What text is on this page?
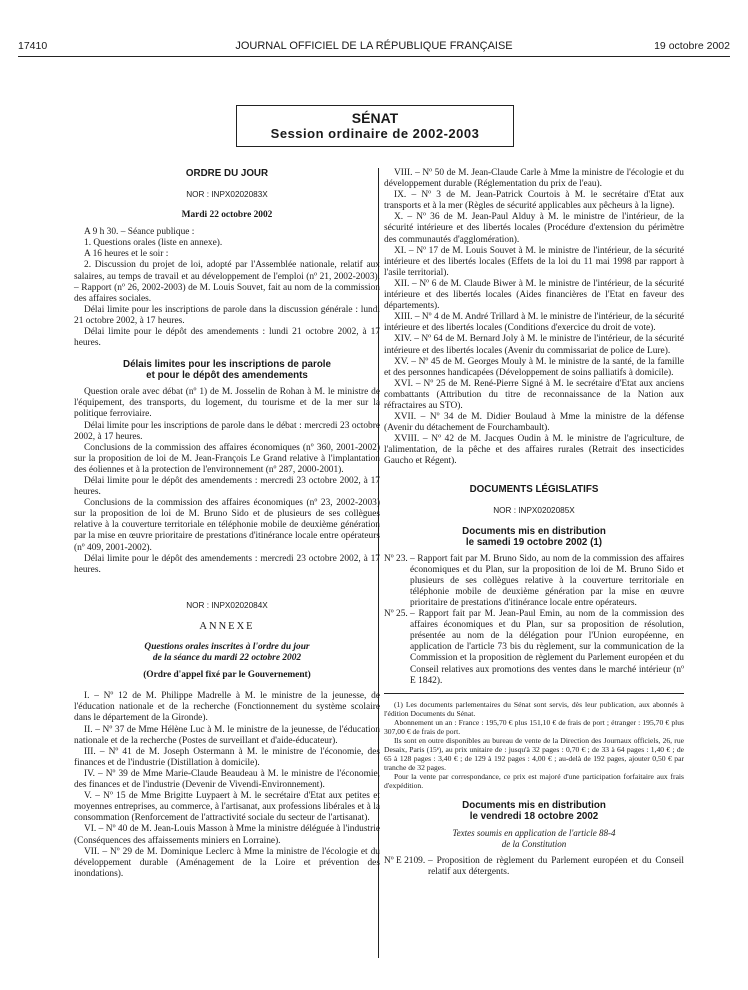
17410	JOURNAL OFFICIEL DE LA RÉPUBLIQUE FRANÇAISE	19 octobre 2002
SÉNAT
Session ordinaire de 2002-2003

ORDRE DU JOUR

NOR : INPX0202083X

Mardi 22 octobre 2002

A 9 h 30. – Séance publique :

1. Questions orales (liste en annexe).

A 16 heures et le soir :

2. Discussion du projet de loi, adopté par l'Assemblée nationale, relatif aux salaires, au temps de travail et au développement de l'emploi (nº 21, 2002-2003). – Rapport (nº 26, 2002-2003) de M. Louis Souvet, fait au nom de la commission des affaires sociales.

Délai limite pour les inscriptions de parole dans la discussion générale : lundi 21 octobre 2002, à 17 heures.

Délai limite pour le dépôt des amendements : lundi 21 octobre 2002, à 17 heures.

Délais limites pour les inscriptions de parole

et pour le dépôt des amendements

Question orale avec débat (nº 1) de M. Josselin de Rohan à M. le ministre de l'équipement, des transports, du logement, du tourisme et de la mer sur la politique ferroviaire.

Délai limite pour les inscriptions de parole dans le débat : mercredi 23 octobre 2002, à 17 heures.

Conclusions de la commission des affaires économiques (nº 360, 2001-2002) sur la proposition de loi de M. Jean-François Le Grand relative à l'implantation des éoliennes et à la protection de l'environnement (nº 287, 2000-2001).

Délai limite pour le dépôt des amendements : mercredi 23 octobre 2002, à 17 heures.

Conclusions de la commission des affaires économiques (nº 23, 2002-2003) sur la proposition de loi de M. Bruno Sido et de plusieurs de ses collègues relative à la couverture territoriale en téléphonie mobile de deuxième génération par la mise en œuvre prioritaire de prestations d'itinérance locale entre opérateurs (nº 409, 2001-2002).

Délai limite pour le dépôt des amendements : mercredi 23 octobre 2002, à 17 heures.

NOR : INPX0202084X

ANNEXE

Questions orales inscrites à l'ordre du jour

de la séance du mardi 22 octobre 2002

(Ordre d'appel fixé par le Gouvernement)

I. – Nº 12 de M. Philippe Madrelle à M. le ministre de la jeunesse, de l'éducation nationale et de la recherche (Fonctionnement du système scolaire dans le département de la Gironde).

II. – Nº 37 de Mme Hélène Luc à M. le ministre de la jeunesse, de l'éducation nationale et de la recherche (Postes de surveillant et d'aide-éducateur).

III. – Nº 41 de M. Joseph Ostermann à M. le ministre de l'économie, des finances et de l'industrie (Distillation à domicile).

IV. – Nº 39 de Mme Marie-Claude Beaudeau à M. le ministre de l'économie, des finances et de l'industrie (Devenir de Vivendi-Environnement).

V. – Nº 15 de Mme Brigitte Luypaert à M. le secrétaire d'Etat aux petites et moyennes entreprises, au commerce, à l'artisanat, aux professions libérales et à la consommation (Renforcement de l'attractivité sociale du secteur de l'artisanat).

VI. – Nº 40 de M. Jean-Louis Masson à Mme la ministre déléguée à l'industrie (Conséquences des affaissements miniers en Lorraine).

VII. – Nº 29 de M. Dominique Leclerc à Mme la ministre de l'écologie et du développement durable (Aménagement de la Loire et prévention des inondations).

VIII. – Nº 50 de M. Jean-Claude Carle à Mme la ministre de l'écologie et du développement durable (Réglementation du prix de l'eau).

IX. – Nº 3 de M. Jean-Patrick Courtois à M. le secrétaire d'Etat aux transports et à la mer (Règles de sécurité applicables aux pêcheurs à la ligne).

X. – Nº 36 de M. Jean-Paul Alduy à M. le ministre de l'intérieur, de la sécurité intérieure et des libertés locales (Procédure d'extension du périmètre des communautés d'agglomération).

XI. – Nº 17 de M. Louis Souvet à M. le ministre de l'intérieur, de la sécurité intérieure et des libertés locales (Effets de la loi du 11 mai 1998 par rapport à l'asile territorial).

XII. – Nº 6 de M. Claude Biwer à M. le ministre de l'intérieur, de la sécurité intérieure et des libertés locales (Aides financières de l'Etat en faveur des départements).

XIII. – Nº 4 de M. André Trillard à M. le ministre de l'intérieur, de la sécurité intérieure et des libertés locales (Conditions d'exercice du droit de vote).

XIV. – Nº 64 de M. Bernard Joly à M. le ministre de l'intérieur, de la sécurité intérieure et des libertés locales (Avenir du commissariat de police de Lure).

XV. – Nº 45 de M. Georges Mouly à M. le ministre de la santé, de la famille et des personnes handicapées (Développement de soins palliatifs à domicile).

XVI. – Nº 25 de M. René-Pierre Signé à M. le secrétaire d'Etat aux anciens combattants (Attribution du titre de reconnaissance de la Nation aux réfractaires au STO).

XVII. – Nº 34 de M. Didier Boulaud à Mme la ministre de la défense (Avenir du détachement de Fourchambault).

XVIII. – Nº 42 de M. Jacques Oudin à M. le ministre de l'agriculture, de l'alimentation, de la pêche et des affaires rurales (Retrait des insecticides Gaucho et Régent).

DOCUMENTS LÉGISLATIFS

NOR : INPX0202085X

Documents mis en distribution

le samedi 19 octobre 2002 (1)

Nº 23. – Rapport fait par M. Bruno Sido, au nom de la commission des affaires économiques et du Plan, sur la proposition de loi de M. Bruno Sido et plusieurs de ses collègues relative à la couverture territoriale en téléphonie mobile de deuxième génération par la mise en œuvre prioritaire de prestations d'itinérance locale entre opérateurs.
Nº 25. – Rapport fait par M. Jean-Paul Emin, au nom de la commission des affaires économiques et du Plan, sur sa proposition de résolution, présentée au nom de la délégation pour l'Union européenne, en application de l'article 73 bis du règlement, sur la communication de la Commission et la proposition de règlement du Parlement européen et du Conseil relatives aux promotions des ventes dans le marché intérieur (nº E 1842).

(1) Les documents parlementaires du Sénat sont servis, dès leur publication, aux abonnés à l'édition Documents du Sénat.

Abonnement un an : France : 195,70 € plus 151,10 € de frais de port ; étranger : 195,70 € plus 307,00 € de frais de port.

Ils sont en outre disponibles au bureau de vente de la Direction des Journaux officiels, 26, rue Desaix, Paris (15ᵉ), au prix unitaire de : jusqu'à 32 pages : 0,70 € ; de 33 à 64 pages : 1,40 € ; de 65 à 128 pages : 3,40 € ; de 129 à 192 pages : 4,00 € ; au-delà de 192 pages, ajouter 0,50 € par tranche de 32 pages.

Pour la vente par correspondance, ce prix est majoré d'une participation forfaitaire aux frais d'expédition.

Documents mis en distribution

le vendredi 18 octobre 2002

Textes soumis en application de l'article 88-4

de la Constitution

Nº E 2109. – Proposition de règlement du Parlement européen et du Conseil relatif aux détergents.
